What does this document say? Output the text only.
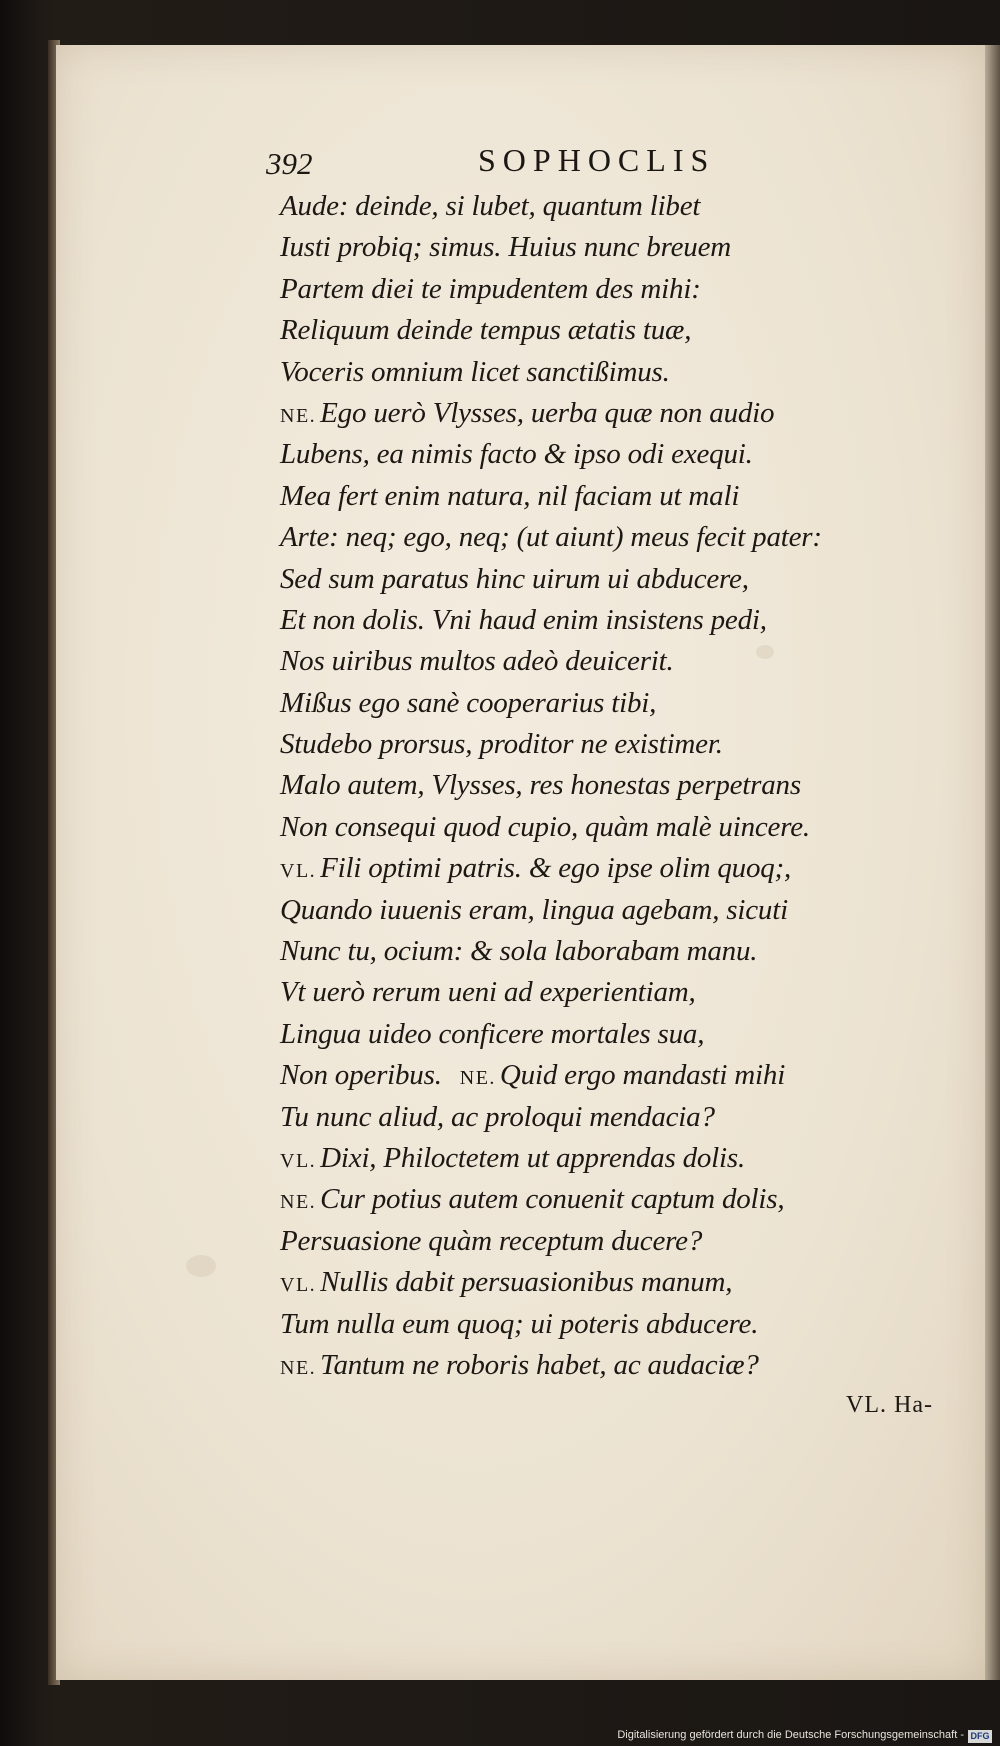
392	SOPHOCLIS
Aude: deinde, si lubet, quantum libet
Iusti probiq; simus. Huius nunc breuem
Partem diei te impudentem des mihi:
Reliquum deinde tempus ætatis tuæ,
Voceris omnium licet sanctißimus.
NE. Ego uerò Vlysses, uerba quæ non audio
Lubens, ea nimis facto & ipso odi exequi.
Mea fert enim natura, nil faciam ut mali
Arte: neq; ego, neq; (ut aiunt) meus fecit pater:
Sed sum paratus hinc uirum ui abducere,
Et non dolis. Vni haud enim insistens pedi,
Nos uiribus multos adeò deuicerit.
Mißus ego sanè cooperarius tibi,
Studebo prorsus, proditor ne existimer.
Malo autem, Vlysses, res honestas perpetrans
Non consequi quod cupio, quàm malè uincere.
VL. Fili optimi patris. & ego ipse olim quoq;,
Quando iuuenis eram, lingua agebam, sicuti
Nunc tu, ocium: & sola laborabam manu.
Vt uerò rerum ueni ad experientiam,
Lingua uideo conficere mortales sua,
Non operibus. NE. Quid ergo mandasti mihi
Tu nunc aliud, ac proloqui mendacia?
VL. Dixi, Philoctetem ut apprendas dolis.
NE. Cur potius autem conuenit captum dolis,
Persuasione quàm receptum ducere?
VL. Nullis dabit persuasionibus manum,
Tum nulla eum quoq; ui poteris abducere.
NE. Tantum ne roboris habet, ac audaciæ?
VL. Ha-
Digitalisierung gefördert durch die Deutsche Forschungsgemeinschaft - DFG
